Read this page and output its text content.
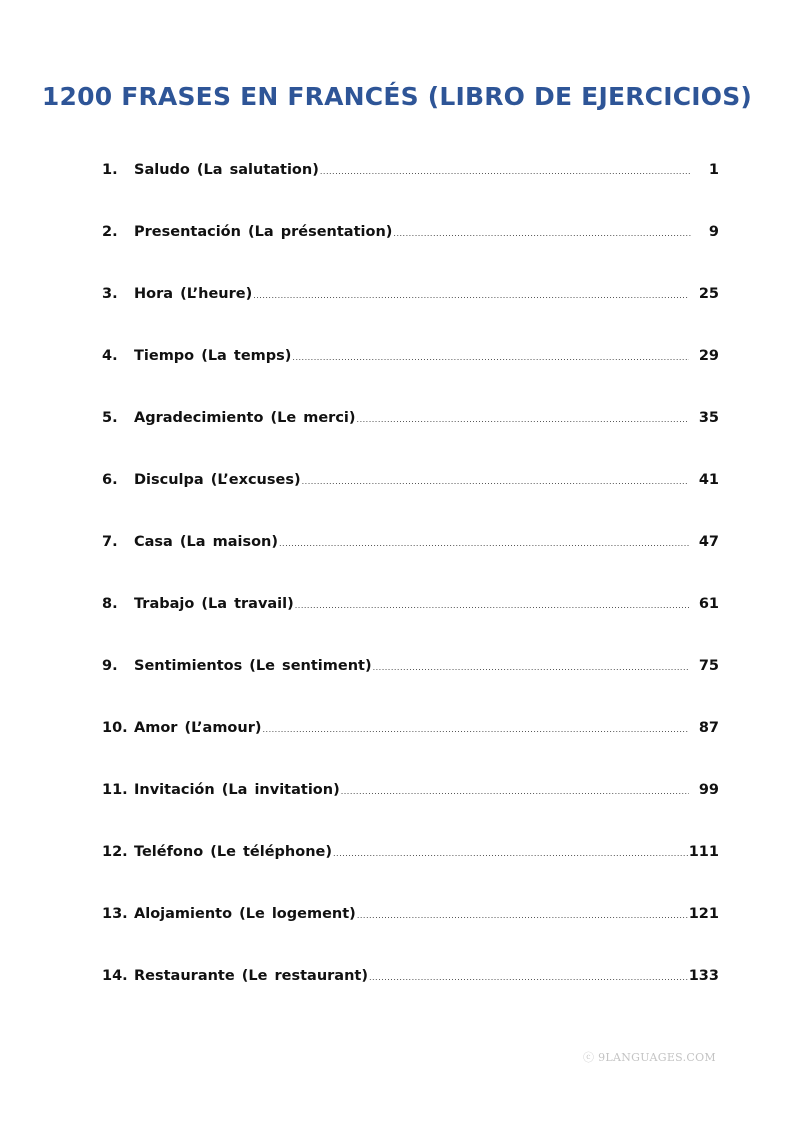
1200 FRASES EN FRANCÉS (LIBRO DE EJERCICIOS)
1.	Saludo (La salutation) .....	1
2.	Presentación (La présentation) .....	9
3.	Hora (L’heure) .....	25
4.	Tiempo (La temps) .....	29
5.	Agradecimiento (Le merci) .....	35
6.	Disculpa (L’excuses) .....	41
7.	Casa (La maison) .....	47
8.	Trabajo (La travail) .....	61
9.	Sentimientos (Le sentiment) .....	75
10. Amor (L’amour) .....	87
11. Invitación (La invitation) .....	99
12. Teléfono (Le téléphone) .....	111
13. Alojamiento (Le logement) .....	121
14. Restaurante (Le restaurant) .....	133
ⓒ 9LANGUAGES.COM
